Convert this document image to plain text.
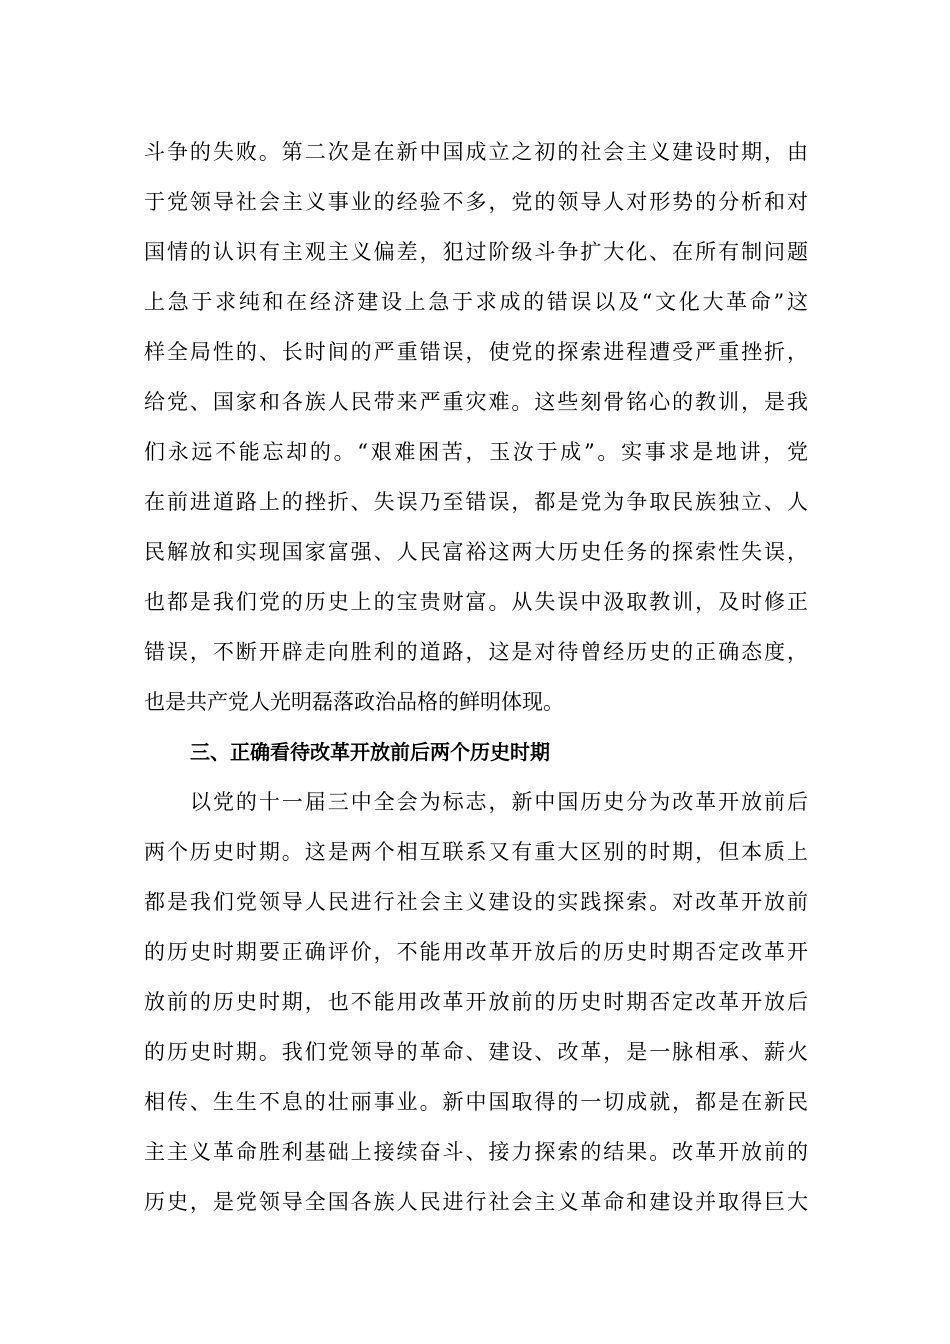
斗争的失败。第二次是在新中国成立之初的社会主义建设时期，由
于党领导社会主义事业的经验不多，党的领导人对形势的分析和对
国情的认识有主观主义偏差，犯过阶级斗争扩大化、在所有制问题
上急于求纯和在经济建设上急于求成的错误以及“文化大革命”这
样全局性的、长时间的严重错误，使党的探索进程遭受严重挫折，
给党、国家和各族人民带来严重灾难。这些刻骨铭心的教训，是我
们永远不能忘却的。“艰难困苦，玉汝于成”。实事求是地讲，党
在前进道路上的挫折、失误乃至错误，都是党为争取民族独立、人
民解放和实现国家富强、人民富裕这两大历史任务的探索性失误，
也都是我们党的历史上的宝贵财富。从失误中汲取教训，及时修正
错误，不断开辟走向胜利的道路，这是对待曾经历史的正确态度，
也是共产党人光明磊落政治品格的鲜明体现。
三、正确看待改革开放前后两个历史时期
以党的十一届三中全会为标志，新中国历史分为改革开放前后
两个历史时期。这是两个相互联系又有重大区别的时期，但本质上
都是我们党领导人民进行社会主义建设的实践探索。对改革开放前
的历史时期要正确评价，不能用改革开放后的历史时期否定改革开
放前的历史时期，也不能用改革开放前的历史时期否定改革开放后
的历史时期。我们党领导的革命、建设、改革，是一脉相承、薪火
相传、生生不息的壮丽事业。新中国取得的一切成就，都是在新民
主主义革命胜利基础上接续奋斗、接力探索的结果。改革开放前的
历史，是党领导全国各族人民进行社会主义革命和建设并取得巨大
